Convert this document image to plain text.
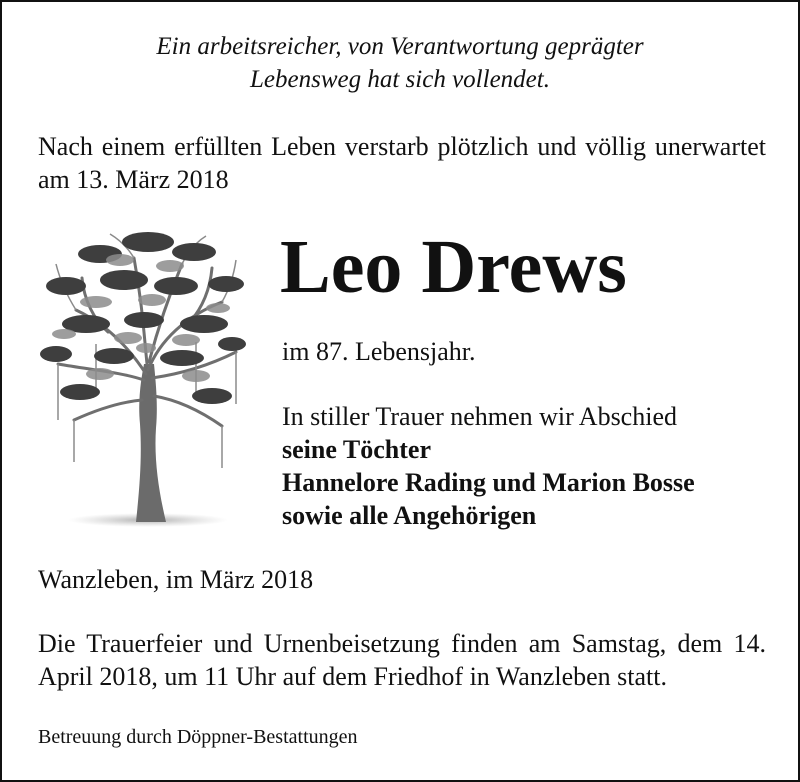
Ein arbeitsreicher, von Verantwortung geprägter
Lebensweg hat sich vollendet.
Nach einem erfüllten Leben verstarb plötzlich und völlig unerwartet am 13. März 2018
Leo Drews
im 87. Lebensjahr.
In stiller Trauer nehmen wir Abschied
seine Töchter
Hannelore Rading und Marion Bosse
sowie alle Angehörigen
Wanzleben, im März 2018
Die Trauerfeier und Urnenbeisetzung finden am Samstag, dem 14. April 2018, um 11 Uhr auf dem Friedhof in Wanzleben statt.
Betreuung durch Döppner-Bestattungen
